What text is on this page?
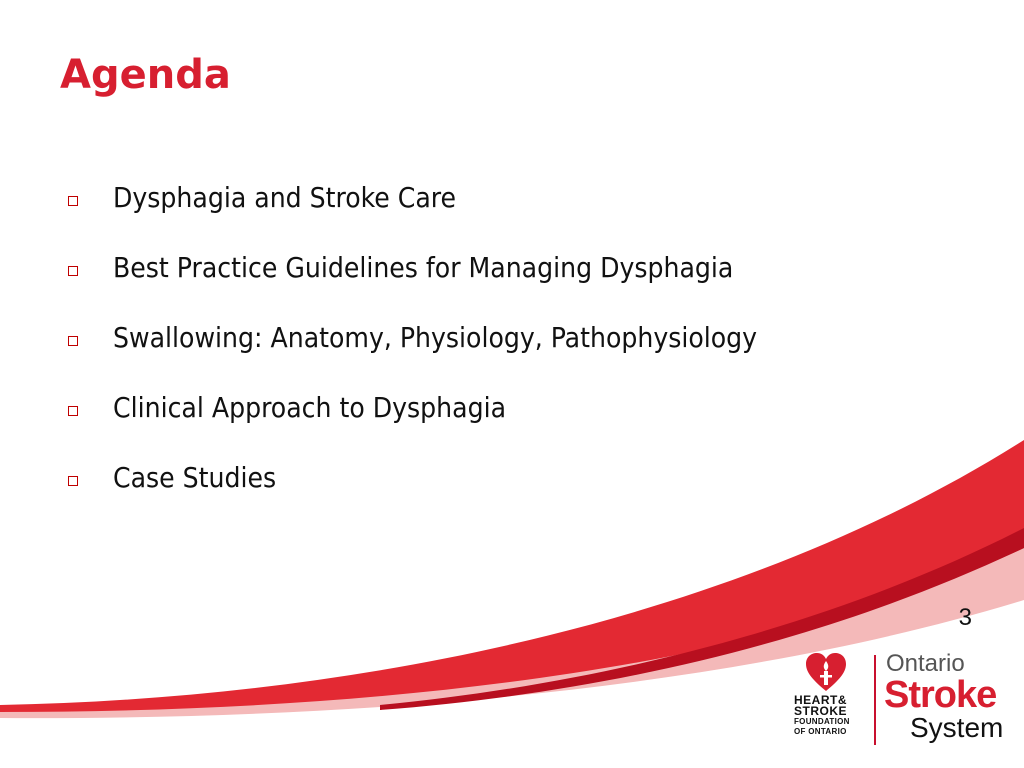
Agenda
Dysphagia and Stroke Care
Best Practice Guidelines for Managing Dysphagia
Swallowing: Anatomy, Physiology, Pathophysiology
Clinical Approach to Dysphagia
Case Studies
3
HEART&
STROKE
FOUNDATION
OF ONTARIO
Ontario
Stroke
System
